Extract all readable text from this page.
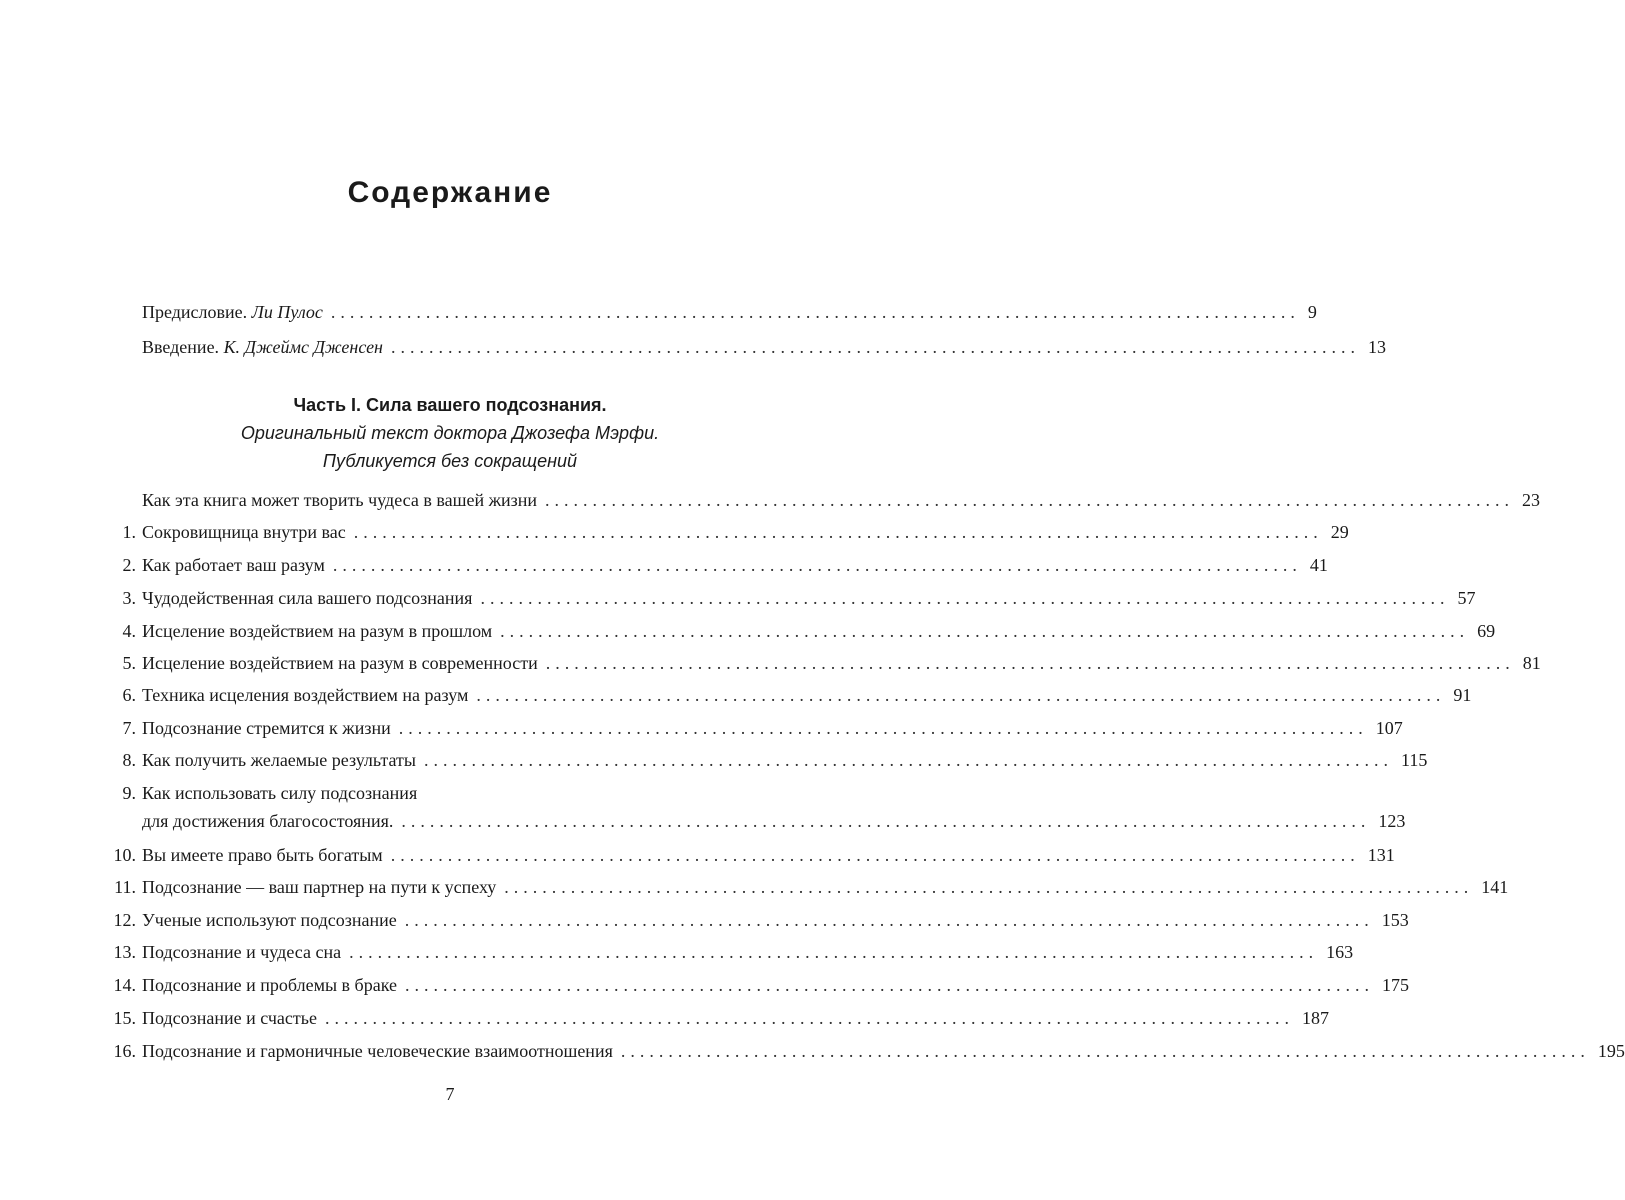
Содержание
Предисловие. Ли Пулос ...................................................................................................... 9
Введение. К. Джеймс Дженсен ...................................................................................................... 13
Часть I. Сила вашего подсознания.
Оригинальный текст доктора Джозефа Мэрфи.
Публикуется без сокращений
Как эта книга может творить чудеса в вашей жизни ...................................................................................................... 23
1. Сокровищница внутри вас ...................................................................................................... 29
2. Как работает ваш разум ...................................................................................................... 41
3. Чудодейственная сила вашего подсознания ...................................................................................................... 57
4. Исцеление воздействием на разум в прошлом ...................................................................................................... 69
5. Исцеление воздействием на разум в современности ...................................................................................................... 81
6. Техника исцеления воздействием на разум ...................................................................................................... 91
7. Подсознание стремится к жизни ...................................................................................................... 107
8. Как получить желаемые результаты ...................................................................................................... 115
9. Как использовать силу подсознания
для достижения благосостояния. ...................................................................................................... 123
10. Вы имеете право быть богатым ...................................................................................................... 131
11. Подсознание — ваш партнер на пути к успеху ...................................................................................................... 141
12. Ученые используют подсознание ...................................................................................................... 153
13. Подсознание и чудеса сна ...................................................................................................... 163
14. Подсознание и проблемы в браке ...................................................................................................... 175
15. Подсознание и счастье ...................................................................................................... 187
16. Подсознание и гармоничные человеческие взаимоотношения ...................................................................................................... 195
7
